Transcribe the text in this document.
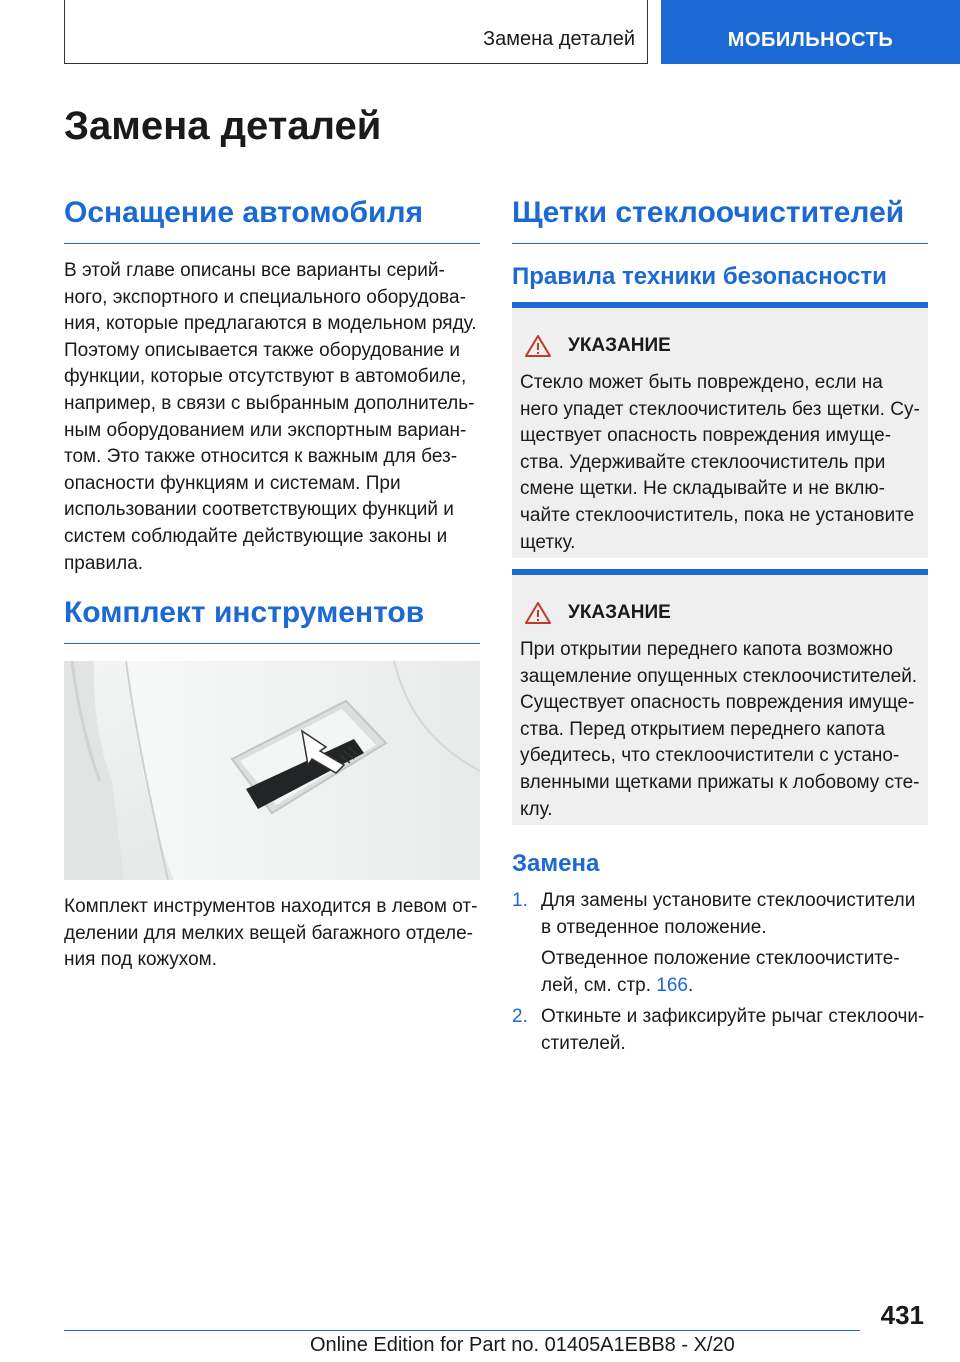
Замена деталей	МОБИЛЬНОСТЬ
Замена деталей
Оснащение автомобиля

В этой главе описаны все варианты серийного, экспортного и специального оборудования, которые предлагаются в модельном ряду. Поэтому описывается также оборудование и функции, которые отсутствуют в автомобиле, например, в связи с выбранным дополнительным оборудованием или экспортным вариантом. Это также относится к важным для безопасности функциям и системам. При использовании соответствующих функций и систем соблюдайте действующие законы и правила.

Комплект инструментов

Комплект инструментов находится в левом отделении для мелких вещей багажного отделения под кожухом.

Щетки стеклоочистителей
Правила техники безопасности
УКАЗАНИЕ

Стекло может быть повреждено, если на него упадет стеклоочиститель без щетки. Существует опасность повреждения имущества. Удерживайте стеклоочиститель при смене щетки. Не складывайте и не включайте стеклоочиститель, пока не установите щетку.

УКАЗАНИЕ

При открытии переднего капота возможно защемление опущенных стеклоочистителей. Существует опасность повреждения имущества. Перед открытием переднего капота убедитесь, что стеклоочистители с установленными щетками прижаты к лобовому стеклу.

Замена
1. Для замены установите стеклоочистители в отведенное положение.

Отведенное положение стеклоочистителей, см. стр. 166.

2. Откиньте и зафиксируйте рычаг стеклоочистителей.

431
Online Edition for Part no. 01405A1EBB8 - X/20
